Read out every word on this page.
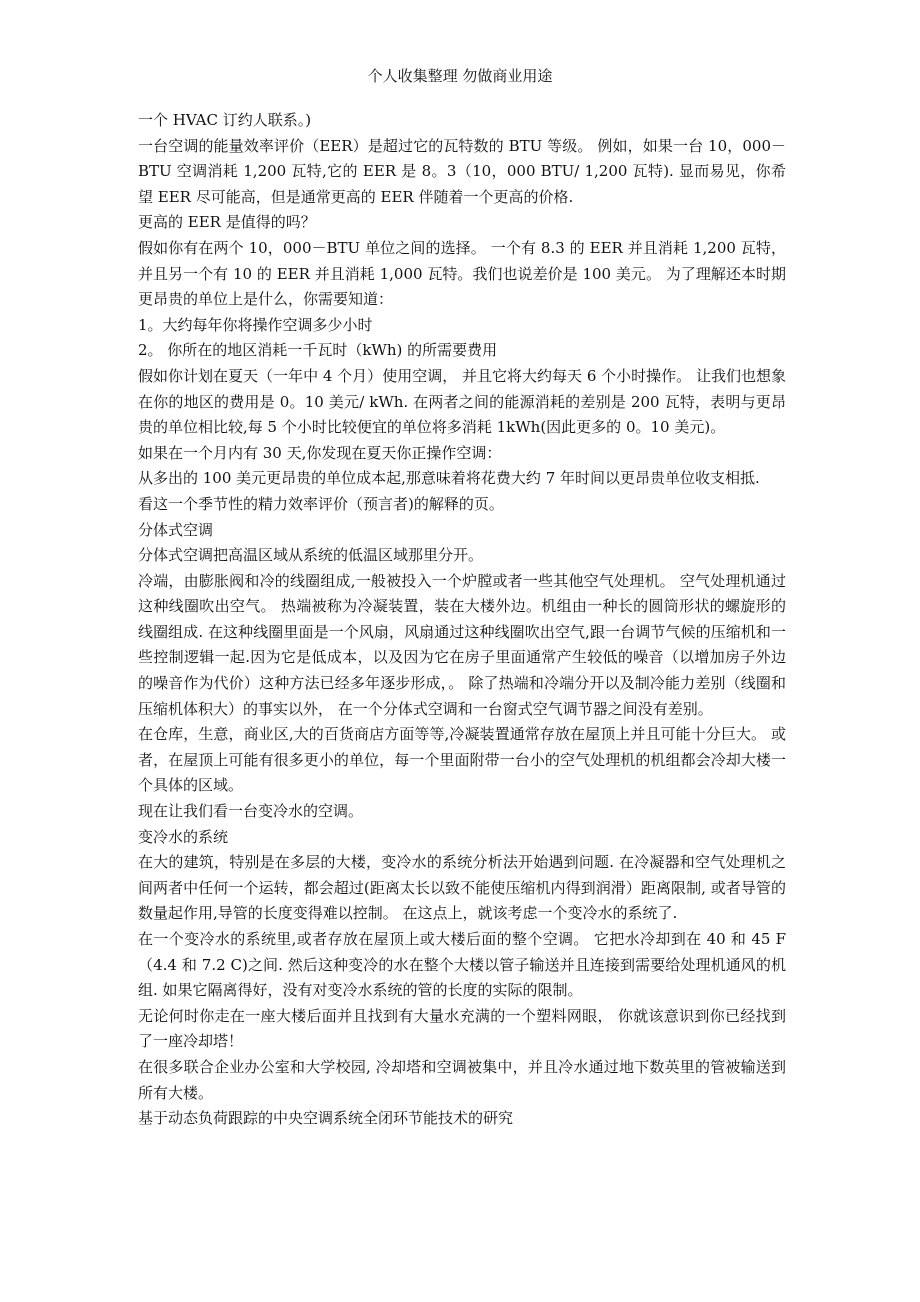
个人收集整理 勿做商业用途

一个 HVAC 订约人联系。)

一台空调的能量效率评价（EER）是超过它的瓦特数的 BTU 等级。 例如，如果一台 10，000－BTU 空调消耗 1,200 瓦特,它的 EER 是 8。3（10，000 BTU/ 1,200 瓦特). 显而易见，你希望 EER 尽可能高，但是通常更高的 EER 伴随着一个更高的价格.

更高的 EER 是值得的吗？

假如你有在两个 10，000－BTU 单位之间的选择。 一个有 8.3 的 EER 并且消耗 1,200 瓦特，并且另一个有 10 的 EER 并且消耗 1,000 瓦特。我们也说差价是 100 美元。 为了理解还本时期更昂贵的单位上是什么，你需要知道：

1。大约每年你将操作空调多少小时

2。 你所在的地区消耗一千瓦时（kWh) 的所需要费用

假如你计划在夏天（一年中 4 个月）使用空调， 并且它将大约每天 6 个小时操作。 让我们也想象在你的地区的费用是 0。10 美元/ kWh. 在两者之间的能源消耗的差别是 200 瓦特，表明与更昂贵的单位相比较,每 5 个小时比较便宜的单位将多消耗 1kWh(因此更多的 0。10 美元)。

如果在一个月内有 30 天,你发现在夏天你正操作空调：

从多出的 100 美元更昂贵的单位成本起,那意味着将花费大约 7 年时间以更昂贵单位收支相抵.

看这一个季节性的精力效率评价（预言者)的解释的页。

分体式空调

分体式空调把高温区域从系统的低温区域那里分开。

冷端，由膨胀阀和冷的线圈组成,一般被投入一个炉膛或者一些其他空气处理机。 空气处理机通过这种线圈吹出空气。 热端被称为冷凝装置，装在大楼外边。机组由一种长的圆筒形状的螺旋形的线圈组成. 在这种线圈里面是一个风扇，风扇通过这种线圈吹出空气,跟一台调节气候的压缩机和一些控制逻辑一起.因为它是低成本，以及因为它在房子里面通常产生较低的噪音（以增加房子外边的噪音作为代价）这种方法已经多年逐步形成，。 除了热端和冷端分开以及制冷能力差别（线圈和压缩机体积大）的事实以外， 在一个分体式空调和一台窗式空气调节器之间没有差别。

在仓库，生意，商业区,大的百货商店方面等等,冷凝装置通常存放在屋顶上并且可能十分巨大。 或者，在屋顶上可能有很多更小的单位，每一个里面附带一台小的空气处理机的机组都会冷却大楼一个具体的区域。

现在让我们看一台变冷水的空调。

变冷水的系统

在大的建筑，特别是在多层的大楼，变冷水的系统分析法开始遇到问题. 在冷凝器和空气处理机之间两者中任何一个运转，都会超过(距离太长以致不能使压缩机内得到润滑）距离限制, 或者导管的数量起作用,导管的长度变得难以控制。 在这点上，就该考虑一个变冷水的系统了.

在一个变冷水的系统里,或者存放在屋顶上或大楼后面的整个空调。 它把水冷却到在 40 和 45 F（4.4 和 7.2 C)之间. 然后这种变冷的水在整个大楼以管子输送并且连接到需要给处理机通风的机组. 如果它隔离得好，没有对变冷水系统的管的长度的实际的限制。

无论何时你走在一座大楼后面并且找到有大量水充满的一个塑料网眼， 你就该意识到你已经找到了一座冷却塔！

在很多联合企业办公室和大学校园, 冷却塔和空调被集中，并且冷水通过地下数英里的管被输送到所有大楼。

基于动态负荷跟踪的中央空调系统全闭环节能技术的研究
